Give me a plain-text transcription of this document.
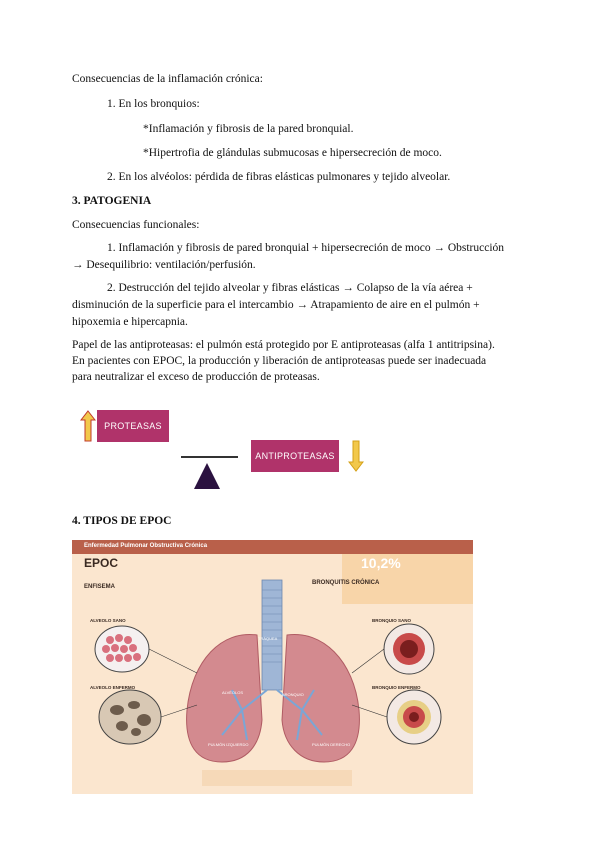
Consecuencias de la inflamación crónica:
1. En los bronquios:
*Inflamación y fibrosis de la pared bronquial.
*Hipertrofia de glándulas submucosas e hipersecreción de moco.
2. En los alvéolos: pérdida de fibras elásticas pulmonares y tejido alveolar.
3. PATOGENIA
Consecuencias funcionales:
1. Inflamación y fibrosis de pared bronquial + hipersecreción de moco → Obstrucción
→ Desequilibrio: ventilación/perfusión.
2. Destrucción del tejido alveolar y fibras elásticas → Colapso de la vía aérea +
disminución de la superficie para el intercambio → Atrapamiento de aire en el pulmón +
hipoxemia e hipercapnia.
Papel de las antiproteasas: el pulmón está protegido por E antiproteasas (alfa 1 antitripsina).
En pacientes con EPOC, la producción y liberación de antiproteasas puede ser inadecuada
para neutralizar el exceso de producción de proteasas.
PROTEASAS
ANTIPROTEASAS
4. TIPOS DE EPOC
Enfermedad Pulmonar Obstructiva Crónica
EPOC	10,2%
ENFISEMA
BRONQUITIS CRÓNICA
ALVEOLO SANO
ALVEOLO ENFERMO
BRONQUIO SANO
BRONQUIO ENFERMO
TRÁQUEA
BRONQUIO
ALVÉOLOS
PULMÓN IZQUIERDO	PULMÓN DERECHO
